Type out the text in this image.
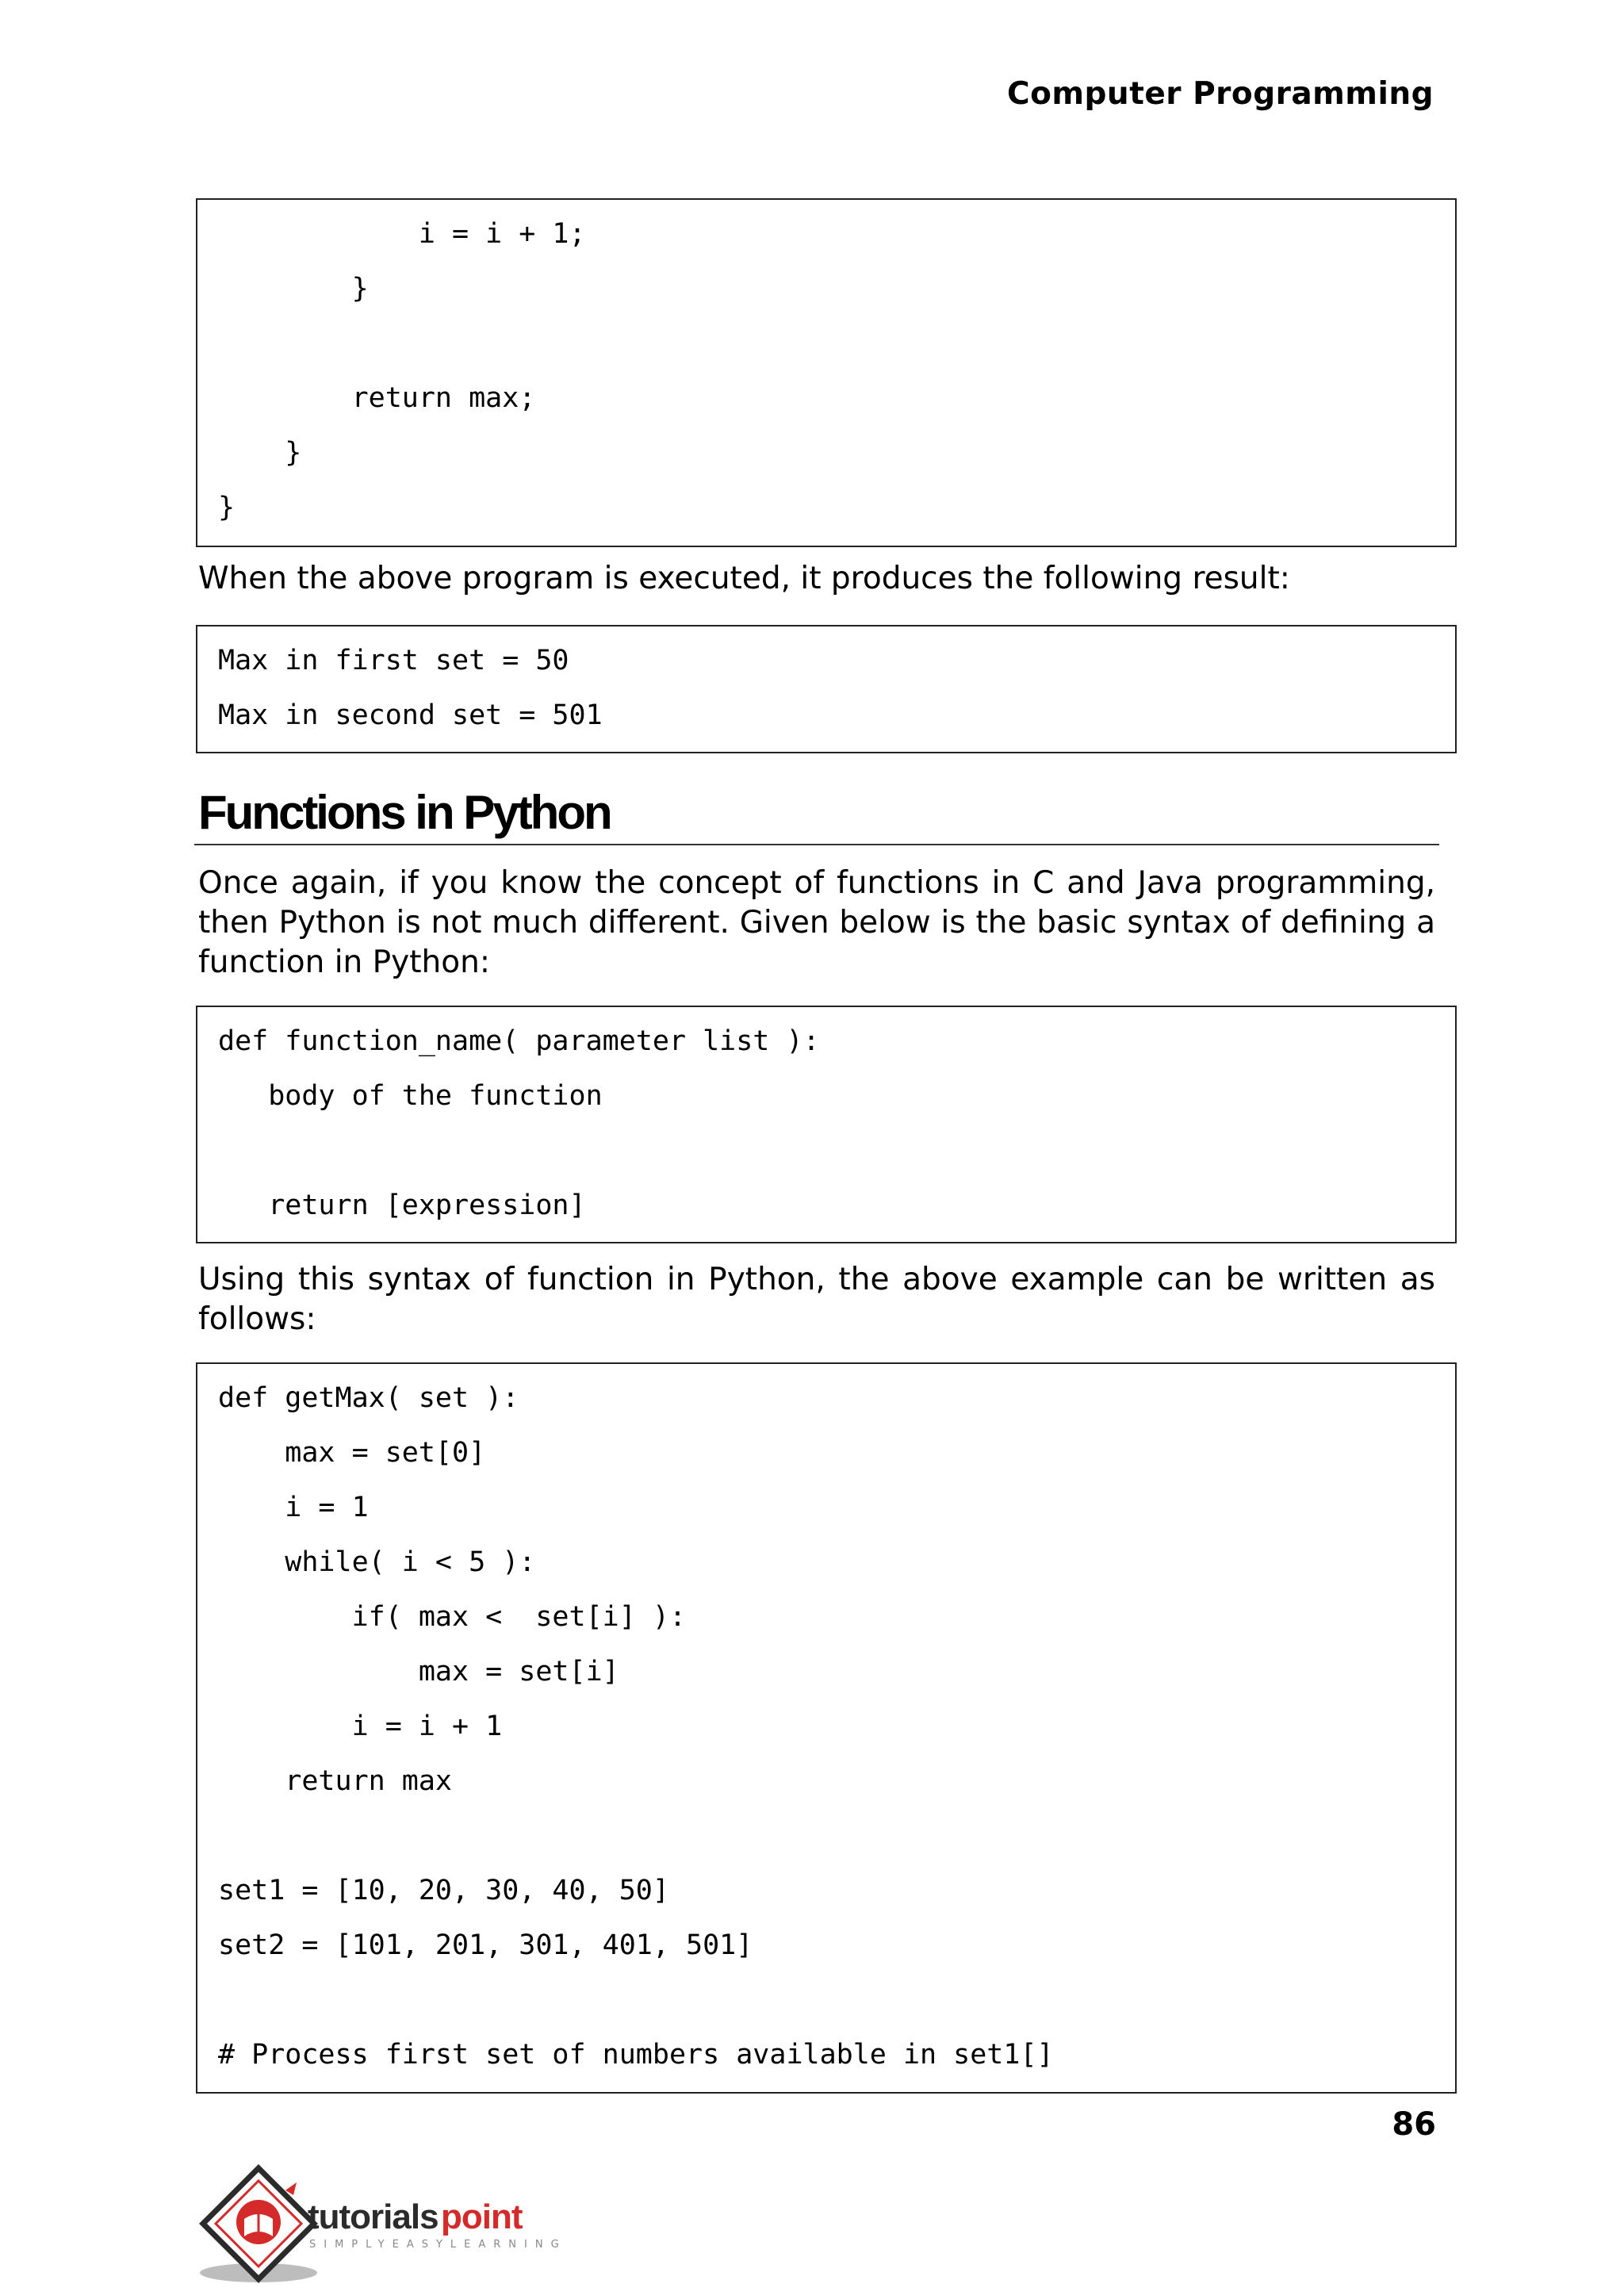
Computer Programming
i = i + 1;
}
return max;
}
}
When the above program is executed, it produces the following result:
Max in first set = 50
Max in second set = 501
Functions in Python
Once again, if you know the concept of functions in C and Java programming, then Python is not much different. Given below is the basic syntax of defining a function in Python:
def function_name( parameter list ):
body of the function
return [expression]
Using this syntax of function in Python, the above example can be written as follows:
def getMax( set ):
max = set[0]
i = 1
while( i < 5 ):
if( max <  set[i] ):
max = set[i]
i = i + 1
return max
set1 = [10, 20, 30, 40, 50]
set2 = [101, 201, 301, 401, 501]
# Process first set of numbers available in set1[]
86
tutorials point
SIMPLYEASYLEARNING
